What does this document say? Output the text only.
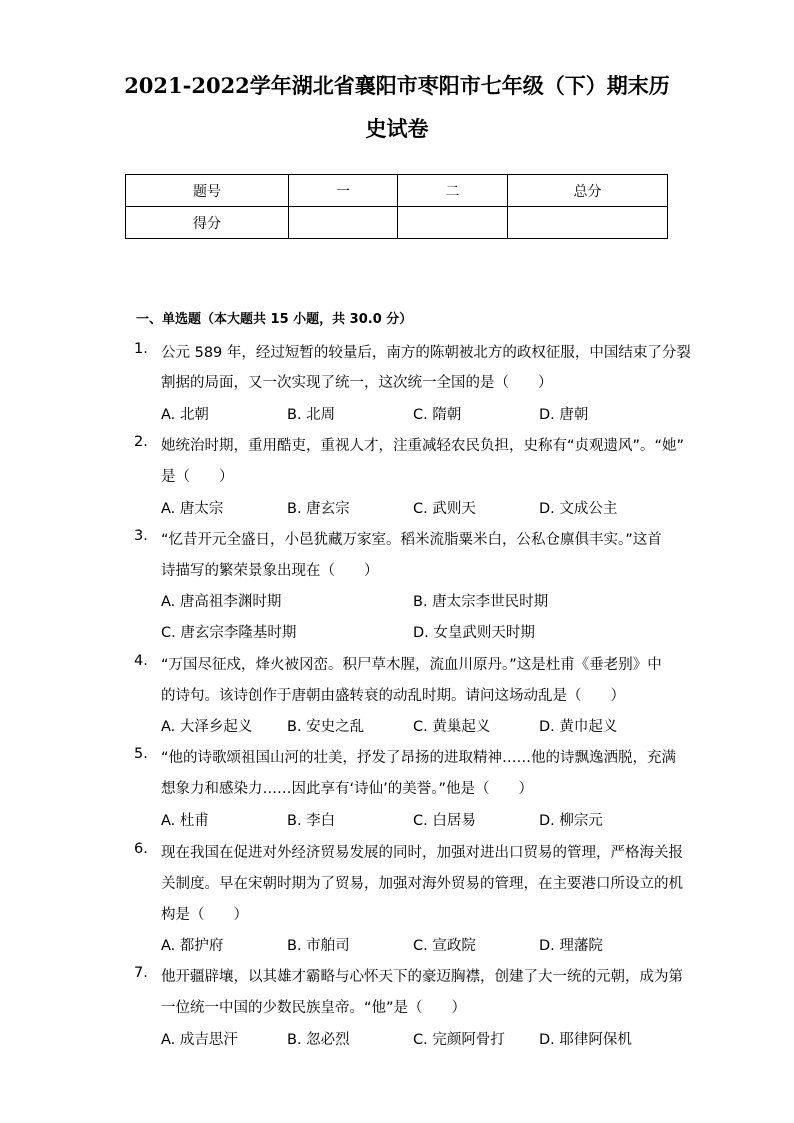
2021-2022学年湖北省襄阳市枣阳市七年级（下）期末历
史试卷
题号	一	二	总分
得分			
一、单选题（本大题共 15 小题，共 30.0 分）
1. 公元 589 年，经过短暂的较量后，南方的陈朝被北方的政权征服，中国结束了分裂
割据的局面，又一次实现了统一，这次统一全国的是（　　）
A. 北朝	B. 北周	C. 隋朝	D. 唐朝
2. 她统治时期，重用酷吏，重视人才，注重减轻农民负担，史称有“贞观遗风”。“她”
是（　　）
A. 唐太宗	B. 唐玄宗	C. 武则天	D. 文成公主
3. “忆昔开元全盛日，小邑犹藏万家室。稻米流脂粟米白，公私仓廪俱丰实。”这首
诗描写的繁荣景象出现在（　　）
A. 唐高祖李渊时期	B. 唐太宗李世民时期
C. 唐玄宗李隆基时期	D. 女皇武则天时期
4. “万国尽征戍，烽火被冈峦。积尸草木腥，流血川原丹。”这是杜甫《垂老别》中
的诗句。该诗创作于唐朝由盛转衰的动乱时期。请问这场动乱是（　　）
A. 大泽乡起义 B. 安史之乱	C. 黄巢起义	D. 黄巾起义
5. “他的诗歌颂祖国山河的壮美，抒发了昂扬的进取精神……他的诗飘逸洒脱，充满
想象力和感染力……因此享有‘诗仙’的美誉。”他是（　　）
A. 杜甫	B. 李白	C. 白居易	D. 柳宗元
6. 现在我国在促进对外经济贸易发展的同时，加强对进出口贸易的管理，严格海关报
关制度。早在宋朝时期为了贸易，加强对海外贸易的管理，在主要港口所设立的机
构是（　　）
A. 都护府	B. 市舶司	C. 宣政院	D. 理藩院
7. 他开疆辟壤，以其雄才霸略与心怀天下的豪迈胸襟，创建了大一统的元朝，成为第
一位统一中国的少数民族皇帝。“他”是（　　）
A. 成吉思汗	B. 忽必烈	C. 完颜阿骨打 D. 耶律阿保机
